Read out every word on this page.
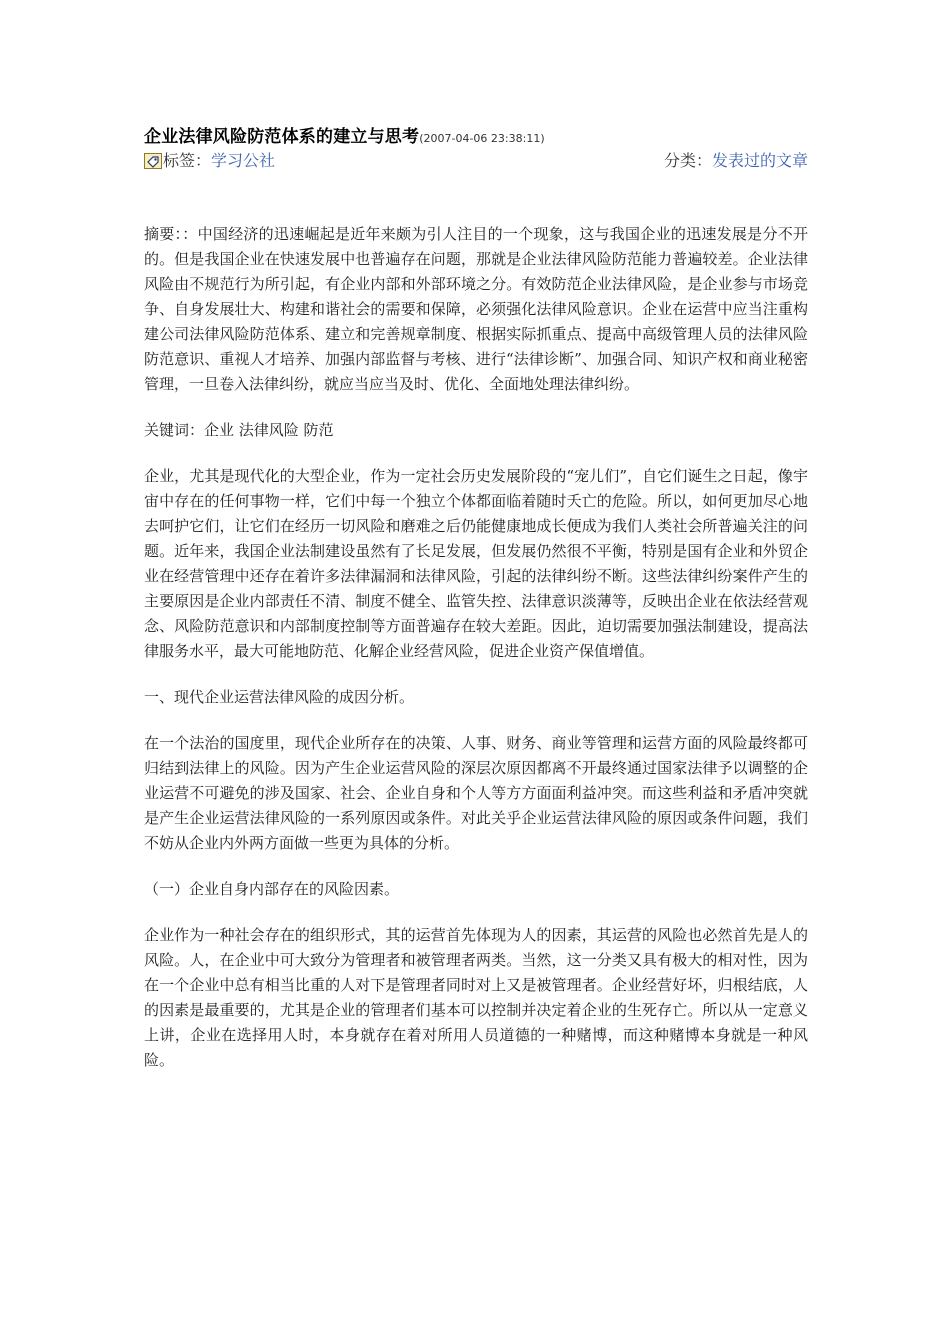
企业法律风险防范体系的建立与思考(2007-04-06 23:38:11)
标签：学习公社	分类：发表过的文章

摘要：：中国经济的迅速崛起是近年来颇为引人注目的一个现象，这与我国企业的迅速发展是分不开的。但是我国企业在快速发展中也普遍存在问题，那就是企业法律风险防范能力普遍较差。企业法律风险由不规范行为所引起，有企业内部和外部环境之分。有效防范企业法律风险，是企业参与市场竞争、自身发展壮大、构建和谐社会的需要和保障，必须强化法律风险意识。企业在运营中应当注重构建公司法律风险防范体系、建立和完善规章制度、根据实际抓重点、提高中高级管理人员的法律风险防范意识、重视人才培养、加强内部监督与考核、进行“法律诊断”、加强合同、知识产权和商业秘密管理，一旦卷入法律纠纷，就应当应当及时、优化、全面地处理法律纠纷。

关键词：企业 法律风险 防范

企业，尤其是现代化的大型企业，作为一定社会历史发展阶段的“宠儿们”，自它们诞生之日起，像宇宙中存在的任何事物一样，它们中每一个独立个体都面临着随时夭亡的危险。所以，如何更加尽心地去呵护它们，让它们在经历一切风险和磨难之后仍能健康地成长便成为我们人类社会所普遍关注的问题。近年来，我国企业法制建设虽然有了长足发展，但发展仍然很不平衡，特别是国有企业和外贸企业在经营管理中还存在着许多法律漏洞和法律风险，引起的法律纠纷不断。这些法律纠纷案件产生的主要原因是企业内部责任不清、制度不健全、监管失控、法律意识淡薄等，反映出企业在依法经营观念、风险防范意识和内部制度控制等方面普遍存在较大差距。因此，迫切需要加强法制建设，提高法律服务水平，最大可能地防范、化解企业经营风险，促进企业资产保值增值。

一、现代企业运营法律风险的成因分析。

在一个法治的国度里，现代企业所存在的决策、人事、财务、商业等管理和运营方面的风险最终都可归结到法律上的风险。因为产生企业运营风险的深层次原因都离不开最终通过国家法律予以调整的企业运营不可避免的涉及国家、社会、企业自身和个人等方方面面利益冲突。而这些利益和矛盾冲突就是产生企业运营法律风险的一系列原因或条件。对此关乎企业运营法律风险的原因或条件问题，我们不妨从企业内外两方面做一些更为具体的分析。

（一）企业自身内部存在的风险因素。

企业作为一种社会存在的组织形式，其的运营首先体现为人的因素，其运营的风险也必然首先是人的风险。人，在企业中可大致分为管理者和被管理者两类。当然，这一分类又具有极大的相对性，因为在一个企业中总有相当比重的人对下是管理者同时对上又是被管理者。企业经营好坏，归根结底，人的因素是最重要的，尤其是企业的管理者们基本可以控制并决定着企业的生死存亡。所以从一定意义上讲，企业在选择用人时，本身就存在着对所用人员道德的一种赌博，而这种赌博本身就是一种风险。
